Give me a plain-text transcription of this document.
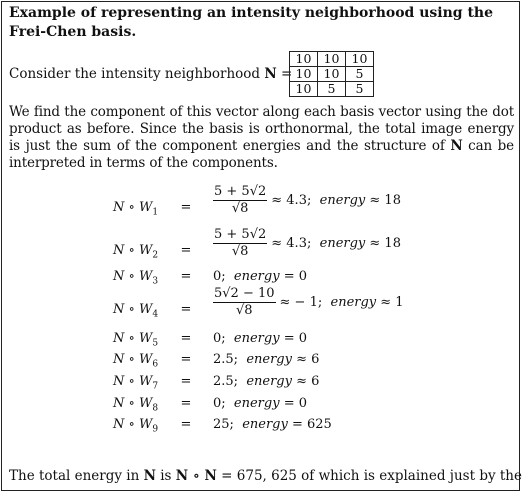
Example of representing an intensity neighborhood using the Frei-Chen basis.
Consider the intensity neighborhood N =
10	10	10
10	10	5
10	5	5
We find the component of this vector along each basis vector using the dot product as before. Since the basis is orthonormal, the total image energy is just the sum of the component energies and the structure of N can be interpreted in terms of the components.
N ∘ $W_1$	= $\frac{5 + 5√2}{√8} \approx 4.3$; energy ≈ 18
N ∘ $W_2$	= $\frac{5 + 5√2}{√8} \approx 4.3$; energy ≈ 18
N ∘ $W_3$	= 0; energy = 0
N ∘ $W_4$	= $\frac{5√2 - 10}{√8}$ ≈ − 1; energy ≈ 1
N ∘ $W_5$	= 0; energy = 0
N ∘ $W_6$	= 2.5; energy ≈ 6
N ∘ $W_7$	= 2.5; energy ≈ 6
N ∘ $W_8$	= 0; energy = 0
N ∘ $W_9$	= 25; energy = 625
The total energy in N is N ∘ N = 675, 625 of which is explained just by the
